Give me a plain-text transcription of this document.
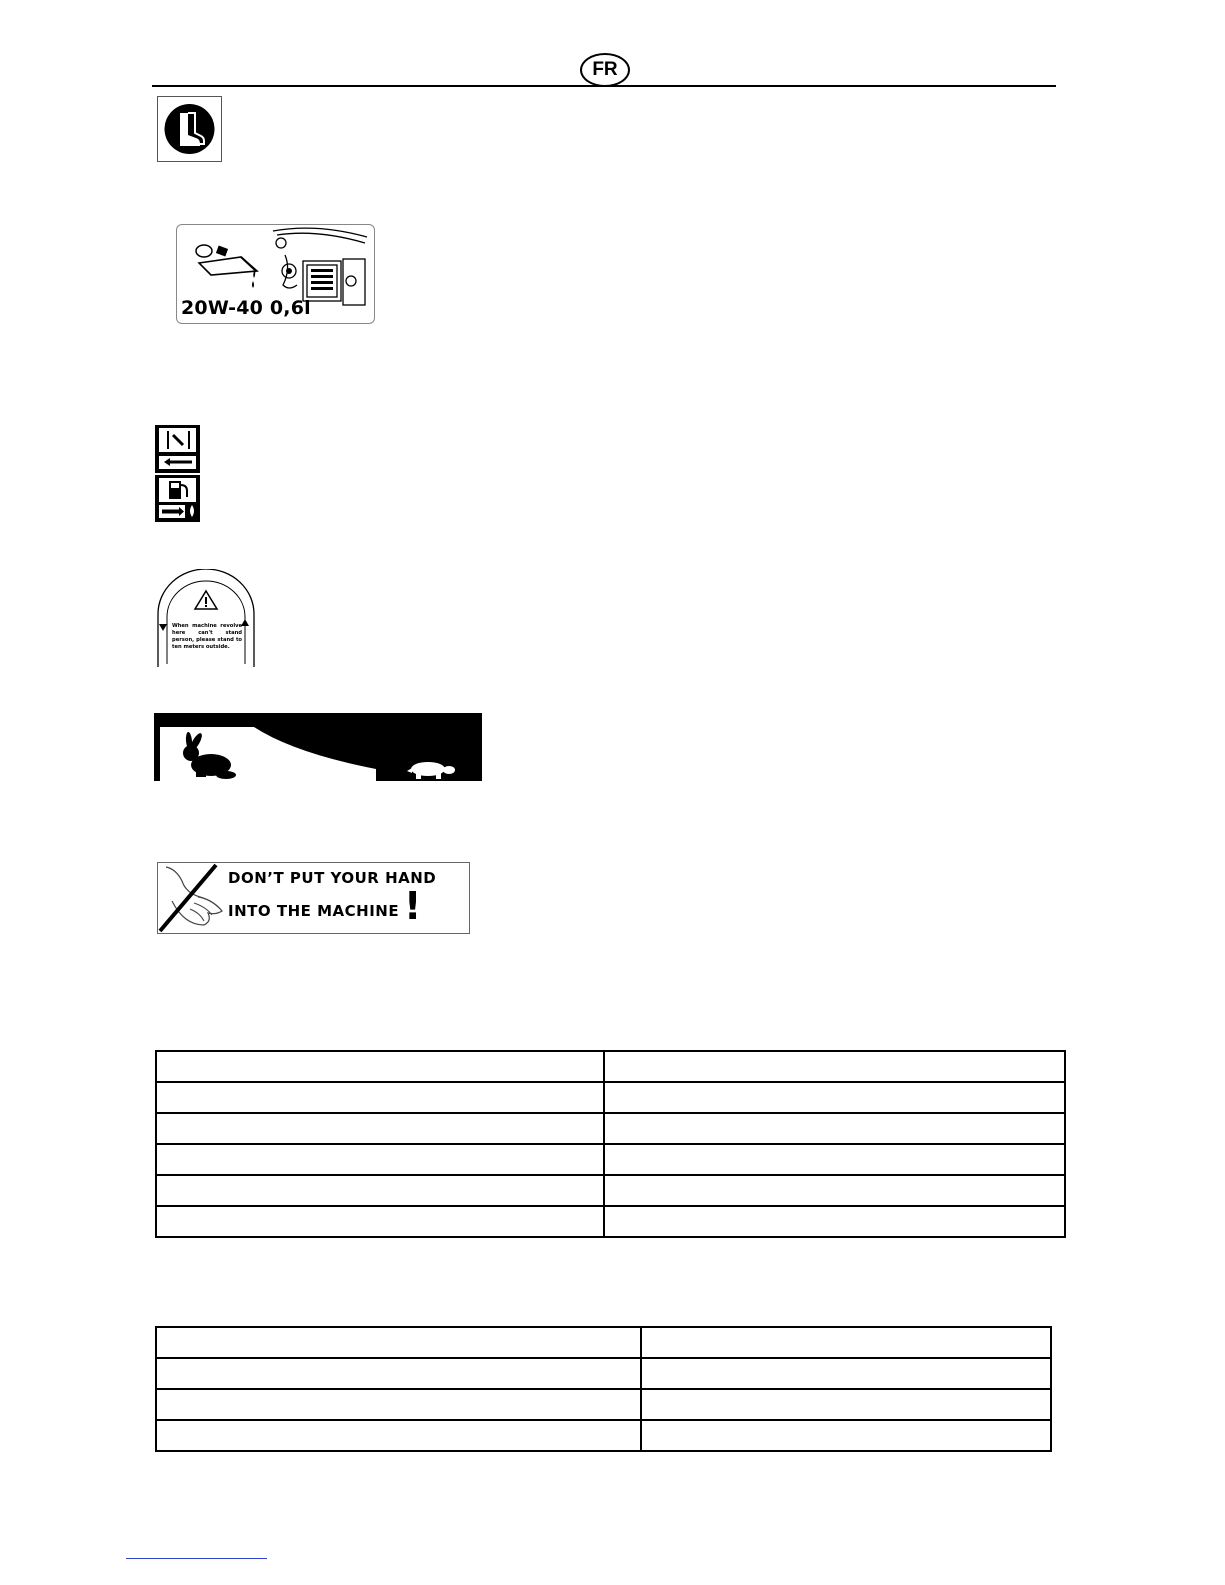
FR
20W-40 0,6l
When machine revolve here can't stand person, please stand to ten meters outside.
DON’T PUT YOUR HAND
INTO THE MACHINE !
